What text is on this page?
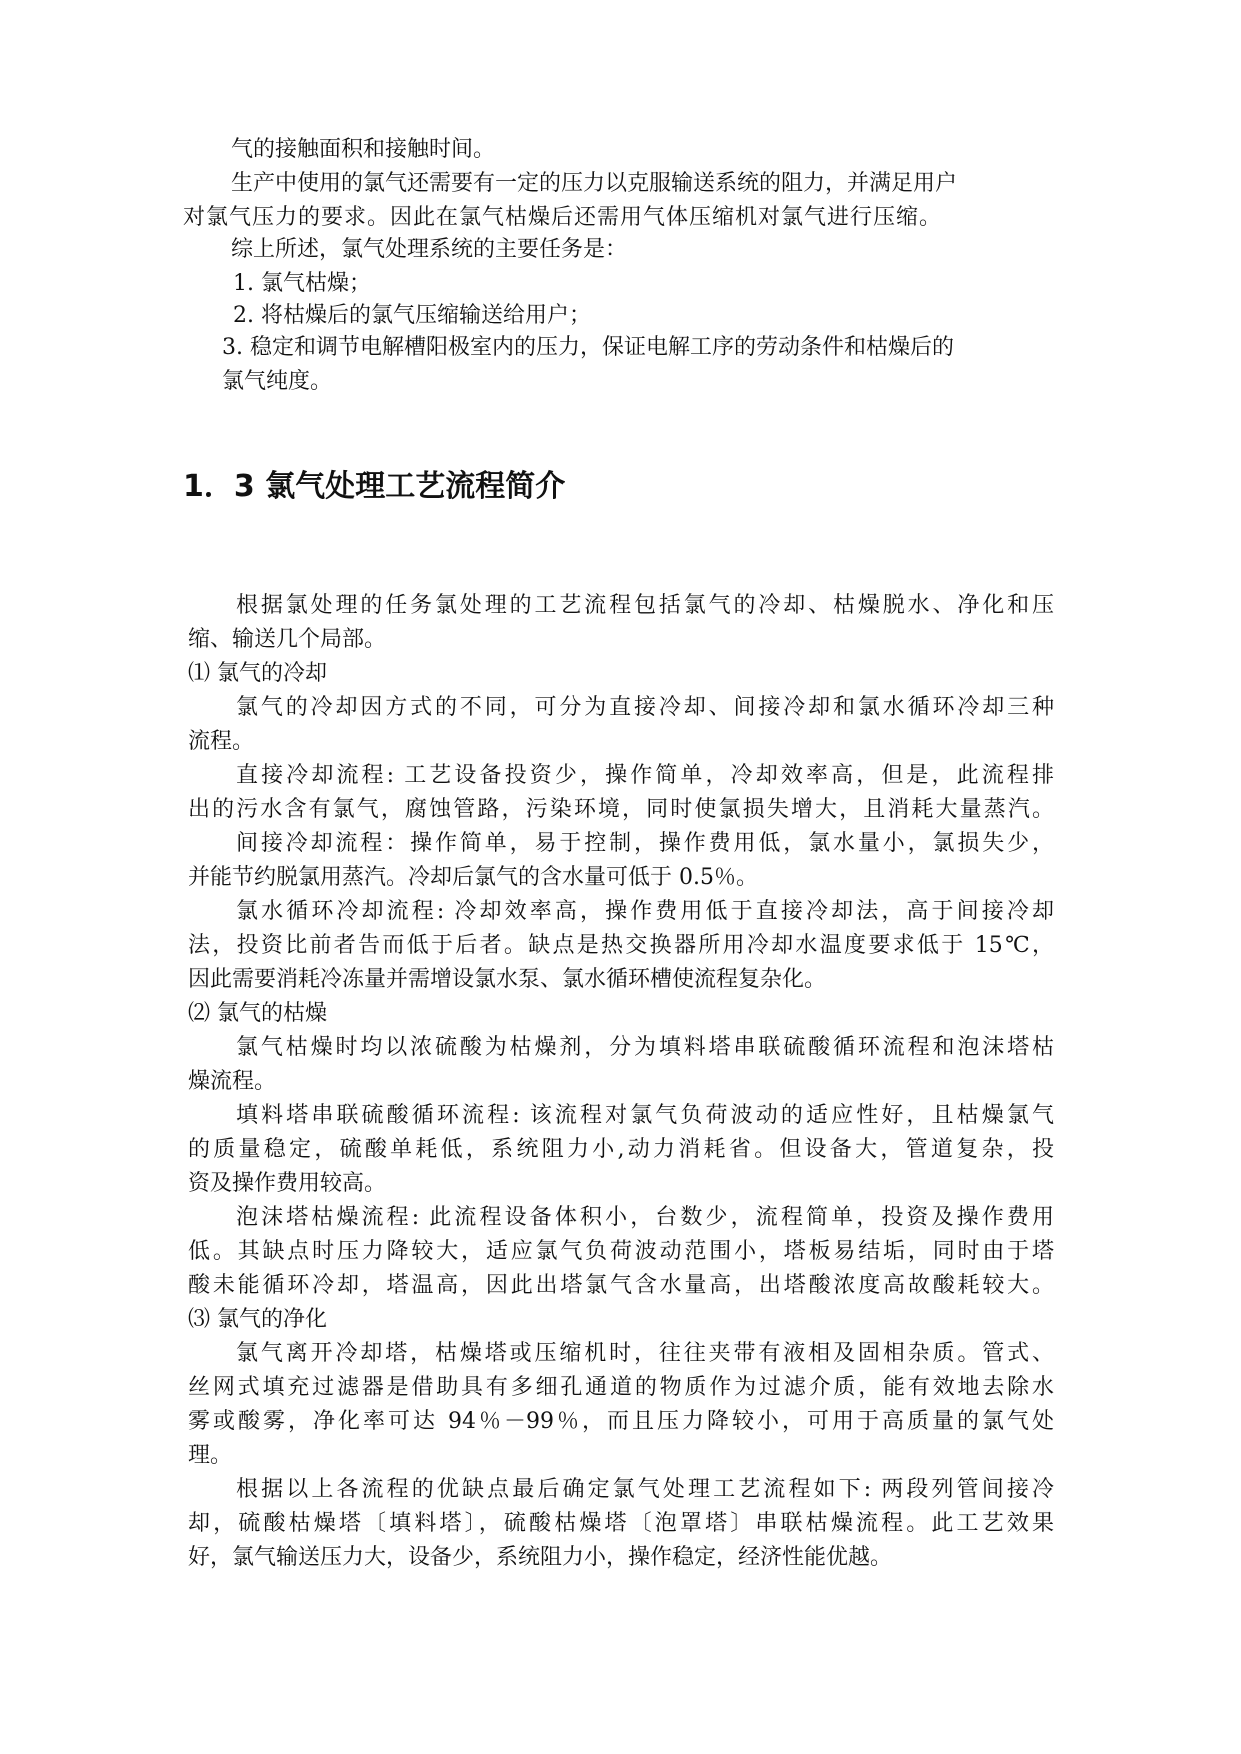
气的接触面积和接触时间。
生产中使用的氯气还需要有一定的压力以克服输送系统的阻力，并满足用户
对氯气压力的要求。因此在氯气枯燥后还需用气体压缩机对氯气进行压缩。
综上所述，氯气处理系统的主要任务是：
1. 氯气枯燥；
2. 将枯燥后的氯气压缩输送给用户；
3. 稳定和调节电解槽阳极室内的压力，保证电解工序的劳动条件和枯燥后的
氯气纯度。
1．3 氯气处理工艺流程简介
根据氯处理的任务氯处理的工艺流程包括氯气的冷却、枯燥脱水、净化和压
缩、输送几个局部。
⑴ 氯气的冷却
氯气的冷却因方式的不同，可分为直接冷却、间接冷却和氯水循环冷却三种
流程。
直接冷却流程: 工艺设备投资少，操作简单，冷却效率高，但是，此流程排
出的污水含有氯气，腐蚀管路，污染环境，同时使氯损失增大，且消耗大量蒸汽。
间接冷却流程：操作简单，易于控制，操作费用低，氯水量小，氯损失少，
并能节约脱氯用蒸汽。冷却后氯气的含水量可低于 0.5％。
氯水循环冷却流程: 冷却效率高，操作费用低于直接冷却法，高于间接冷却
法，投资比前者告而低于后者。缺点是热交换器所用冷却水温度要求低于 15℃，
因此需要消耗冷冻量并需增设氯水泵、氯水循环槽使流程复杂化。
⑵ 氯气的枯燥
氯气枯燥时均以浓硫酸为枯燥剂，分为填料塔串联硫酸循环流程和泡沫塔枯
燥流程。
填料塔串联硫酸循环流程: 该流程对氯气负荷波动的适应性好，且枯燥氯气
的质量稳定，硫酸单耗低，系统阻力小,动力消耗省。但设备大，管道复杂，投
资及操作费用较高。
泡沫塔枯燥流程: 此流程设备体积小，台数少，流程简单，投资及操作费用
低。其缺点时压力降较大，适应氯气负荷波动范围小，塔板易结垢，同时由于塔
酸未能循环冷却，塔温高，因此出塔氯气含水量高，出塔酸浓度高故酸耗较大。
⑶ 氯气的净化
氯气离开冷却塔，枯燥塔或压缩机时，往往夹带有液相及固相杂质。管式、
丝网式填充过滤器是借助具有多细孔通道的物质作为过滤介质，能有效地去除水
雾或酸雾，净化率可达 94％－99％，而且压力降较小，可用于高质量的氯气处
理。
根据以上各流程的优缺点最后确定氯气处理工艺流程如下: 两段列管间接冷
却，硫酸枯燥塔〔填料塔〕，硫酸枯燥塔〔泡罩塔〕串联枯燥流程。此工艺效果
好，氯气输送压力大，设备少，系统阻力小，操作稳定，经济性能优越。
